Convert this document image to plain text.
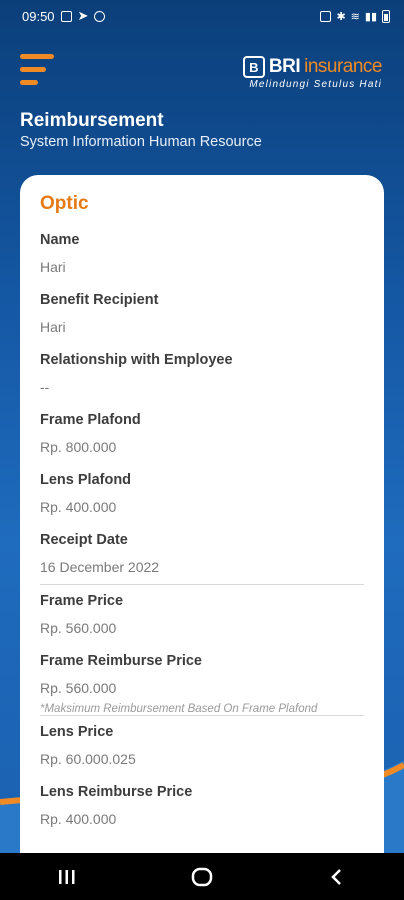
09:50 ➤	✱ ≋ ▮▮
B BRI insurance
Melindungi Setulus Hati
Reimbursement
System Information Human Resource
Optic
Name
Hari
Benefit Recipient
Hari
Relationship with Employee
--
Frame Plafond
Rp. 800.000
Lens Plafond
Rp. 400.000
Receipt Date
16 December 2022
Frame Price
Rp. 560.000
Frame Reimburse Price
Rp. 560.000
*Maksimum Reimbursement Based On Frame Plafond
Lens Price
Rp. 60.000.025
Lens Reimburse Price
Rp. 400.000
